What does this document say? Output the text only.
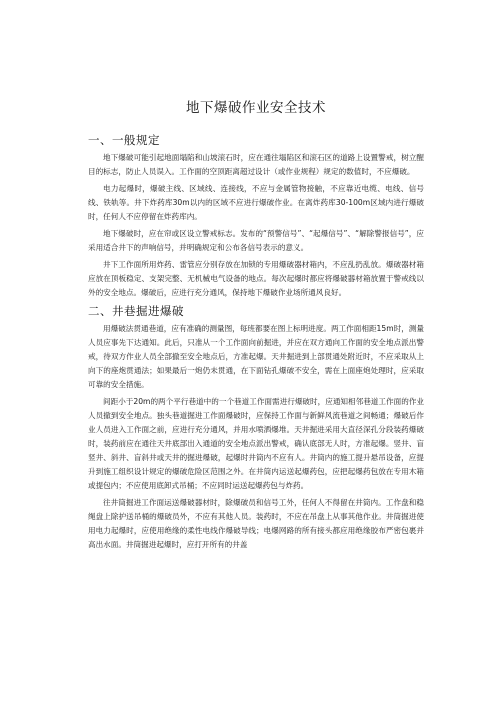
地下爆破作业安全技术
一、一般规定

地下爆破可能引起地面塌陷和山坡滚石时，应在通往塌陷区和滚石区的道路上设置警戒，树立醒目的标志，防止人员误入。工作面的空顶距离超过设计（或作业规程）规定的数值时，不应爆破。

电力起爆时，爆破主线、区域线、连接线，不应与金属管物接触，不应靠近电缆、电线、信号线、铁轨等。井下炸药库30m以内的区域不应进行爆破作业。在离炸药库30-100m区域内进行爆破时，任何人不应停留在炸药库内。

地下爆破时，应在帘或区设立警戒标志。发布的“预警信号”、“起爆信号”、“解除警报信号”，应采用适合井下的声响信号，并明确规定和公布各信号表示的意义。

井下工作面所用炸药、雷管应分别存放在加锁的专用爆破器材箱内，不应乱扔乱放。爆破器材箱应放在顶板稳定、支架完整、无机械电气设备的地点。每次起爆时都应将爆破器材箱放置于警戒线以外的安全地点。爆破后，应进行充分通风，保持地下爆破作业场所通风良好。

二、井巷掘进爆破

用爆破法贯通巷道，应有准确的测量图，每班都要在图上标明进度。两工作面相距15m时，测量人员应事先下达通知。此后，只准从一个工作面向前掘进，并应在双方通向工作面的安全地点派出警戒，待双方作业人员全部撤至安全地点后，方准起爆。天井掘进到上部贯通处附近时，不应采取从上向下的座炮贯通法；如果最后一炮仍未贯通，在下面钻孔爆破不安全，需在上面座炮处理时，应采取可靠的安全措施。

间距小于20m的两个平行巷道中的一个巷道工作面需进行爆破时，应通知相邻巷道工作面的作业人员撤到安全地点。独头巷道掘进工作面爆破时，应保持工作面与新鲜风流巷道之间畅通；爆破后作业人员进入工作面之前，应进行充分通风，并用水喷洒爆堆。天井掘进采用大直径深孔分段装药爆破时，装药前应在通往天井底部出入通道的安全地点派出警戒，确认底部无人时，方准起爆。竖井、盲竖井、斜井、盲斜井或天井的掘进爆破，起爆时井筒内不应有人。井筒内的施工提升悬吊设备，应提升到施工组织设计规定的爆破危险区范围之外。在井筒内运送起爆药包，应把起爆药包放在专用木箱或提包内；不应使用底卸式吊桶；不应同时运送起爆药包与炸药。

往井筒掘进工作面运送爆破器材时，除爆破员和信号工外，任何人不得留在井筒内。工作盘和稳绳盘上除护送吊桶的爆破员外，不应有其他人员。装药时，不应在吊盘上从事其他作业。井筒掘进使用电力起爆时，应使用绝缘的柔性电线作爆破导线；电爆网路的所有接头都应用绝缘胶布严密包裹并高出水面。井筒掘进起爆时，应打开所有的井盖
